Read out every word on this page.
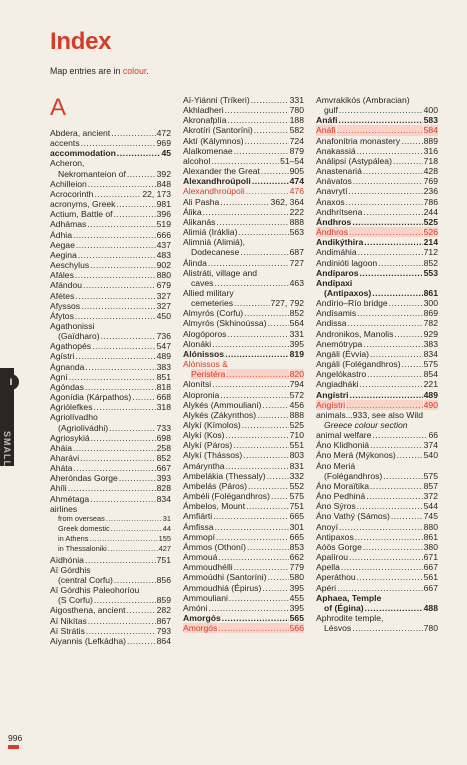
Index
Map entries are in colour.
A
Abdera, ancient .....	472
accents .....	969
accommodation .....	45
Acheron,
Nekromanteion of .....	392
Achilleion .....	848
Acrocorinth .....	22, 173
acronyms, Greek .....	981
Actium, Battle of .....	396
Adhámas .....	519
Ádhia .....	666
Aegae .....	437
Aegina .....	483
Aeschylus .....	902
Afáles .....	880
Afándou .....	679
Afétes .....	327
Afyssos .....	327
Áfytos .....	450
Agathonissi
(Gaïdharo) .....	736
Agathopés .....	547
Agístri .....	489
Ágnanda .....	383
Agní .....	851
Agóndas .....	818
Agonídia (Kárpathos) .....	668
Agriólefkes .....	318
Agriolívadho
(Agriolivádhi) .....	733
Agriosykiá .....	698
Aháia .....	258
Aharávi .....	852
Aháta .....	667
Aheróndas Gorge .....	393
Ahíli .....	828
Ahmétaga .....	834
airlines
from overseas .....	31
Greek domestic .....	44
in Athens .....	155
in Thessaloniki .....	427
Aïdhónia .....	751
Aï Górdhis
(central Corfu) .....	856
Aï Górdhis Paleohoríou
(S Corfu) .....	859
Aigosthena, ancient .....	282
Aï Nikítas .....	867
Aï Strátis .....	793
Aiyannis (Lefkádha) .....	864
Aï-Yiánni (Tríkeri) .....	331
Akhladheri .....	780
Akronafplía .....	188
Akrotíri (Santoríni) .....	582
Aktí (Kálymnos) .....	724
Alalkomenae .....	879
alcohol .....	51–54
Alexander the Great .....	905
Alexandhroúpoli .....	474
Alexandhroúpoli .....	476
Ali Pasha .....	362, 364
Álika .....	222
Alikanás .....	888
Alimiá (Irákliа) .....	563
Alimniá (Alimiá),
Dodecanese .....	687
Álinda .....	727
Alistráti, village and
caves .....	463
Allied military
cemeteries .....	727, 792
Almyrós (Corfu) .....	852
Almyrós (Skhinoússa) .....	564
Alogóporos .....	331
Alonáki .....	395
Alónissos .....	819
Alónissos &
Peristéra .....	820
Alonítsi .....	794
Alopronia .....	572
Alykés (Ammouliani) .....	456
Alykés (Zákynthos) .....	888
Alykí (Kímolos) .....	525
Alykí (Kos) .....	710
Alykí (Páros) .....	551
Alykí (Thássos) .....	803
Amáryntha .....	831
Ambelákia (Thessaly) .....	332
Ambelás (Páros) .....	552
Ambéli (Folégandhros) ..... 575
Ámbelos, Mount .....	751
Amfiárti .....	665
Ámfissa .....	301
Ammopí .....	665
Ámmos (Othoní) .....	853
Ammouá .....	662
Ammoudhélli .....	779
Ammoúdhi (Santoríni) .....	580
Ammoudhiá (Épirus) .....	395
Ammouliani .....	455
Amóni .....	395
Amorgós .....	565
Amorgós .....	566
Amvrakikós (Ambracian)
gulf .....	400
Anáfi .....	583
Anáfi .....	584
Anafonítria monastery .....	889
Anakassiá .....	316
Análipsi (Astypálea) .....	718
Anastenariá .....	428
Anávatos .....	769
Anavrytí .....	236
Ánaxos .....	786
Andhrítsena .....	244
Ándhros .....	525
Ándhros .....	526
Andikýthira .....	214
Andimáhia .....	712
Andinióti lagoon .....	852
Andíparos .....	553
Andípaxi
(Antipaxos) .....	861
Andírio–Río bridge .....	300
Andísamis .....	869
Andissa .....	782
Andronikos, Manolis .....	929
Anemótrypa .....	383
Angáli (Évvia) .....	834
Angáli (Folégandhros) .....	575
Angelókastro .....	854
Angiadháki .....	221
Angístri .....	489
Angístri .....	490
animals...933, see also Wild
Greece colour section
animal welfare .....	66
Áno Klidhoniá .....	374
Áno Merá (Mýkonos) .....	540
Áno Meriá
(Folégandhros) .....	575
Áno Moraïtika .....	857
Áno Pedhiná .....	372
Áno Sýros .....	544
Áno Vathý (Sámos) .....	745
Anoyí .....	880
Antipaxos .....	861
Aóös Gorge .....	380
Apalírou .....	671
Apella .....	667
Aperáthou .....	561
Apéri .....	667
Aphaea, Temple
of (Égina) .....	488
Aphrodite temple,
Lésvos .....	780
I
INDEX SMALL
996
